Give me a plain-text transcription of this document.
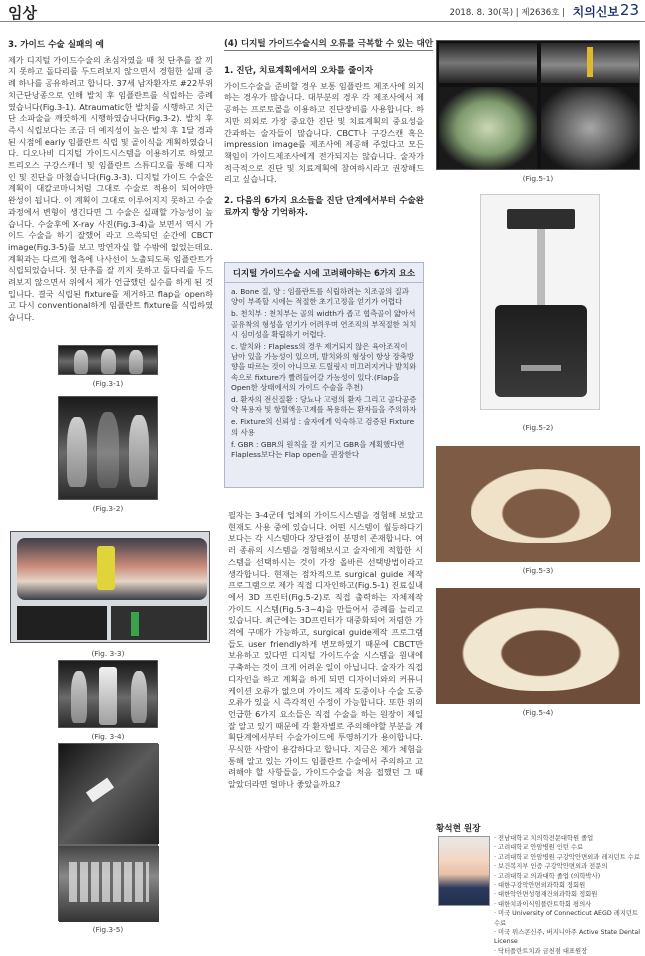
임상	2018. 8. 30(목) | 제2636호 | 치의신보 23
3. 가이드 수술 실패의 예

제가 디지털 가이드수술의 초심자였을 때 첫 단추를 잘 끼지 못하고 돌다리를 두드려보지 않으면서 경험한 실패 증례 하나를 공유하려고 합니다. 37세 남자환자로 #22부위 치근단낭종으로 인해 발치 후 임플란트를 식립하는 증례였습니다(Fig.3-1). Atraumatic한 발치를 시행하고 치근단 소파술을 깨끗하게 시행하였습니다(Fig.3-2). 발치 후 즉시 식립보다는 조금 더 예지성이 높은 발치 후 1달 경과된 시점에 early 임플란트 식립 및 골이식을 계획하였습니다. 디오나비 디지털 가이드시스템을 이용하기로 하였고 트리오스 구강스캐너 및 임플란트 스튜디오를 통해 디자인 및 진단을 마쳤습니다(Fig.3-3). 디지털 가이드 수술은 계획이 대칼코마니처럼 그대로 수술로 적용이 되어야만 완성이 됩니다. 이 계획이 그대로 이루어지지 못하고 수술과정에서 변형이 생긴다면 그 수술은 실패할 가능성이 높습니다. 수술후에 X-ray 사진(Fig.3-4)을 보면서 역시 가이드 수술을 하기 잘했어 라고 으쓱되던 순간에 CBCT image(Fig.3-5)를 보고 망연자실 할 수밖에 없었는데요. 계획과는 다르게 협측에 나사선이 노출되도록 임플란트가 식립되었습니다. 첫 단추를 잘 끼지 못하고 돌다리를 두드려보지 않으면서 위에서 제가 언급했던 실수를 하게 된 것입니다. 결국 식립된 fixture를 제거하고 flap을 open하고 다시 conventional하게 임플란트 fixture를 식립하였습니다.

(Fig.3-1)
(Fig.3-2)
(Fig. 3-3)
(Fig. 3-4)
(Fig.3-5)
(4) 디지털 가이드수술시의 오류를 극복할 수 있는 대안
1. 진단, 치료계획에서의 오차를 줄이자

가이드수술을 준비할 경우 보통 임플란트 제조사에 의지하는 경우가 많습니다. 대부분의 경우 각 제조사에서 제공하는 프로토콜을 이용하고 진단장비를 사용합니다. 하지만 의외로 가장 중요한 진단 및 치료계획의 중요성을 간과하는 술자들이 많습니다. CBCT나 구강스캔 혹은 impression image를 제조사에 제공해 주었다고 모든 책임이 가이드제조사에게 전가되지는 않습니다. 술자가 적극적으로 진단 및 치료계획에 참여하시라고 권장해드리고 싶습니다.

2. 다음의 6가지 요소들을 진단 단계에서부터 수술완료까지 항상 기억하자.
디지털 가이드수술 시에 고려해야하는 6가지 요소
a. Bone 질, 양 : 임플란트를 식립하려는 치조골의 질과 양이 부족할 시에는 적절한 초기고정을 얻기가 어렵다
b. 천치부 : 천치부는 골의 width가 좁고 협측골이 얇아서 골유착의 형성을 얻기가 어려우며 연조직의 부적절한 처치시 심미성을 확립하기 어렵다.
c. 발치와 : Flapless의 경우 제거되지 않은 육아조직이 남아 있을 가능성이 있으며, 발치와의 형상이 항상 장축방향을 따르는 것이 아니므로 드릴링시 미끄러지거나 발치와 속으로 fixture가 빨려들어갈 가능성이 있다.(Flap을 Open한 상태에서의 가이드 수술을 추천)
d. 환자의 전신질환 : 당뇨나 고령의 환자 그리고 골다공증 약 복용자 및 항혈액응고제를 복용하는 환자들을 주의하자
e. Fixture의 신뢰성 : 술자에게 익숙하고 검증된 Fixture의 사용
f. GBR : GBR의 원칙을 잘 지키고 GBR을 계획했다면 Flapless보다는 Flap open을 권장한다

필자는 3-4군데 업체의 가이드시스템을 경험해 보았고 현재도 사용 중에 있습니다. 어떤 시스템이 월등하다기 보다는 각 시스템마다 장단점이 분명히 존재합니다. 여러 종류의 시스템을 경험해보시고 술자에게 적합한 시스템을 선택하시는 것이 가장 올바른 선택방법이라고 생각합니다. 현재는 점차적으로 surgical guide 제작 프로그램으로 제가 직접 디자인하고(Fig.5-1) 진료실내에서 3D 프린터(Fig.5-2)로 직접 출력하는 자체제작 가이드 시스템(Fig.5-3~4)을 만들어서 증례를 늘리고 있습니다. 최근에는 3D프린터가 대중화되어 저렴한 가격에 구매가 가능하고, surgical guide제작 프로그램들도 user friendly하게 변모하였기 때문에 CBCT만 보유하고 있다면 디지털 가이드수술 시스템을 원내에 구축하는 것이 크게 어려운 일이 아닙니다. 술자가 직접 디자인을 하고 계획을 하게 되면 디자이너와의 커뮤니케이션 오류가 없으며 가이드 제작 도중이나 수술 도중 오류가 있을 시 즉각적인 수정이 가능합니다. 또한 위의 언급한 6가지 요소들은 직접 수술을 하는 원장이 제일 잘 알고 있기 때문에 각 환자별로 주의해야할 부분을 계획단계에서부터 수술가이드에 투영하기가 용이합니다. 무식한 사람이 용감하다고 합니다. 지금은 제가 체험을 통해 알고 있는 가이드 임플란트 수술에서 주의하고 고려해야 할 사항들을, 가이드수술을 처음 접했던 그 때 알았더라면 얼마나 좋았을까요?

(Fig.5-1)
(Fig.5-2)
(Fig.5-3)
(Fig.5-4)
황석현 원장
· 전남대학교 치의학전문대학원 졸업
· 고려대학교 안암병원 인턴 수료
· 고려대학교 안암병원 구강악안면외과 레지던트 수료
· 보건복지부 인증 구강악안면외과 전문의
· 고려대학교 의과대학 졸업 (의학박사)
· 대한구강악안면외과학회 정회원
· 대한악안면성형재건외과학회 정회원
· 대한치과이식임플란트학회 평의사
· 미국 University of Connecticut AEGD 레지던트 수료
· 미국 위스콘신주, 버지니아주 Active State Dental License
· 닥터플란트치과 금천점 대표원장
